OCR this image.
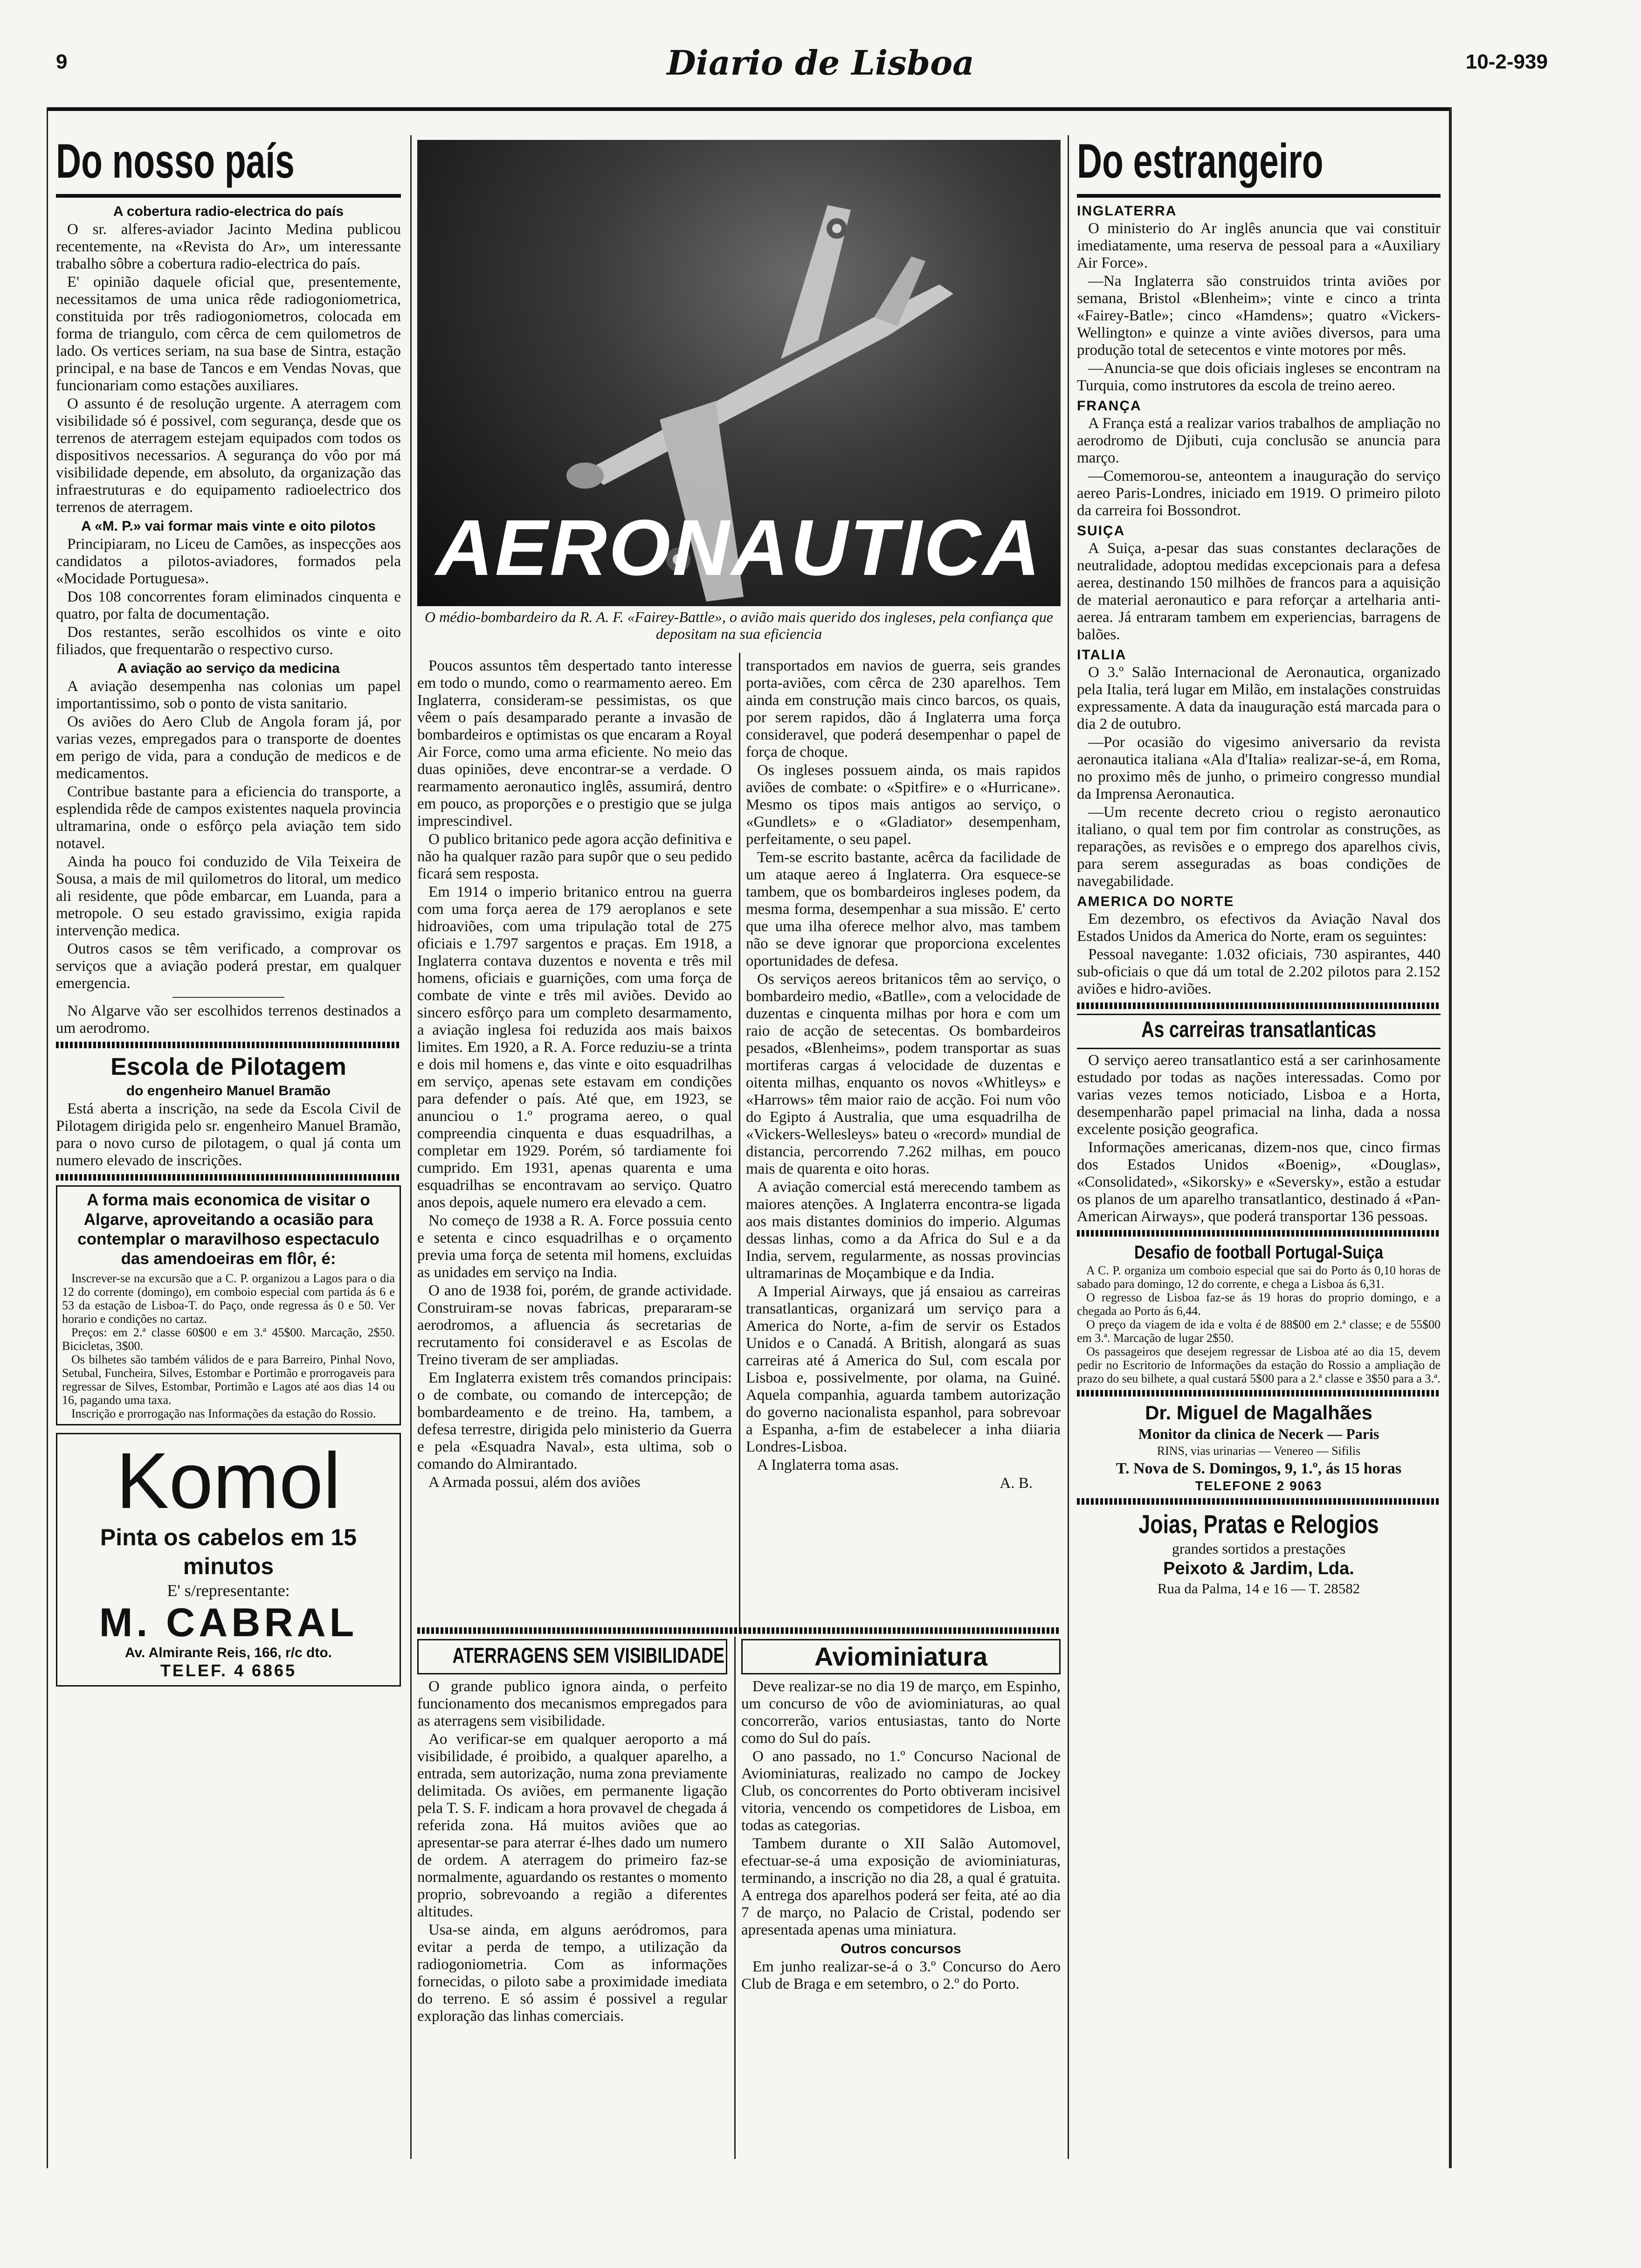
9	Diario de Lisboa	10-2-939
Do nosso país
A cobertura radio-electrica do país

O sr. alferes-aviador Jacinto Medina publicou recentemente, na «Revista do Ar», um interessante trabalho sôbre a cobertura radio-electrica do país.

E' opinião daquele oficial que, presentemente, necessitamos de uma unica rêde radiogoniometrica, constituida por três radiogoniometros, colocada em forma de triangulo, com cêrca de cem quilometros de lado. Os vertices seriam, na sua base de Sintra, estação principal, e na base de Tancos e em Vendas Novas, que funcionariam como estações auxiliares.

O assunto é de resolução urgente. A aterragem com visibilidade só é possivel, com segurança, desde que os terrenos de aterragem estejam equipados com todos os dispositivos necessarios. A segurança do vôo por má visibilidade depende, em absoluto, da organização das infraestruturas e do equipamento radioelectrico dos terrenos de aterragem.

A «M. P.» vai formar mais vinte e oito pilotos

Principiaram, no Liceu de Camões, as inspecções aos candidatos a pilotos-aviadores, formados pela «Mocidade Portuguesa».

Dos 108 concorrentes foram eliminados cinquenta e quatro, por falta de documentação.

Dos restantes, serão escolhidos os vinte e oito filiados, que frequentarão o respectivo curso.

A aviação ao serviço da medicina

A aviação desempenha nas colonias um papel importantissimo, sob o ponto de vista sanitario.

Os aviões do Aero Club de Angola foram já, por varias vezes, empregados para o transporte de doentes em perigo de vida, para a condução de medicos e de medicamentos.

Contribue bastante para a eficiencia do transporte, a esplendida rêde de campos existentes naquela provincia ultramarina, onde o esfôrço pela aviação tem sido notavel.

Ainda ha pouco foi conduzido de Vila Teixeira de Sousa, a mais de mil quilometros do litoral, um medico ali residente, que pôde embarcar, em Luanda, para a metropole. O seu estado gravissimo, exigia rapida intervenção medica.

Outros casos se têm verificado, a comprovar os serviços que a aviação poderá prestar, em qualquer emergencia.

No Algarve vão ser escolhidos terrenos destinados a um aerodromo.

Escola de Pilotagem
do engenheiro Manuel Bramão

Está aberta a inscrição, na sede da Escola Civil de Pilotagem dirigida pelo sr. engenheiro Manuel Bramão, para o novo curso de pilotagem, o qual já conta um numero elevado de inscrições.

A forma mais economica de visitar o Algarve, aproveitando a ocasião para contemplar o maravilhoso espectaculo das amendoeiras em flôr, é:

Inscrever-se na excursão que a C. P. organizou a Lagos para o dia 12 do corrente (domingo), em comboio especial com partida ás 6 e 53 da estação de Lisboa-T. do Paço, onde regressa ás 0 e 50. Ver horario e condições no cartaz.

Preços: em 2.ª classe 60$00 e em 3.ª 45$00. Marcação, 2$50. Bicicletas, 3$00.

Os bilhetes são também válidos de e para Barreiro, Pinhal Novo, Setubal, Funcheira, Silves, Estombar e Portimão e prorrogaveis para regressar de Silves, Estombar, Portimão e Lagos até aos dias 14 ou 16, pagando uma taxa.

Inscrição e prorrogação nas Informações da estação do Rossio.

Komol
Pinta os cabelos em 15 minutos
E' s/representante:
M. CABRAL
Av. Almirante Reis, 166, r/c dto.
TELEF. 4 6865
AERONAUTICA
O médio-bombardeiro da R. A. F. «Fairey-Battle», o avião mais querido dos ingleses, pela confiança que depositam na sua eficiencia

Poucos assuntos têm despertado tanto interesse em todo o mundo, como o rearmamento aereo. Em Inglaterra, consideram-se pessimistas, os que vêem o país desamparado perante a invasão de bombardeiros e optimistas os que encaram a Royal Air Force, como uma arma eficiente. No meio das duas opiniões, deve encontrar-se a verdade. O rearmamento aeronautico inglês, assumirá, dentro em pouco, as proporções e o prestigio que se julga imprescindivel.

O publico britanico pede agora acção definitiva e não ha qualquer razão para supôr que o seu pedido ficará sem resposta.

Em 1914 o imperio britanico entrou na guerra com uma força aerea de 179 aeroplanos e sete hidroaviões, com uma tripulação total de 275 oficiais e 1.797 sargentos e praças. Em 1918, a Inglaterra contava duzentos e noventa e três mil homens, oficiais e guarnições, com uma força de combate de vinte e três mil aviões. Devido ao sincero esfôrço para um completo desarmamento, a aviação inglesa foi reduzida aos mais baixos limites. Em 1920, a R. A. Force reduziu-se a trinta e dois mil homens e, das vinte e oito esquadrilhas em serviço, apenas sete estavam em condições para defender o país. Até que, em 1923, se anunciou o 1.º programa aereo, o qual compreendia cinquenta e duas esquadrilhas, a completar em 1929. Porém, só tardiamente foi cumprido. Em 1931, apenas quarenta e uma esquadrilhas se encontravam ao serviço. Quatro anos depois, aquele numero era elevado a cem.

No começo de 1938 a R. A. Force possuia cento e setenta e cinco esquadrilhas e o orçamento previa uma força de setenta mil homens, excluidas as unidades em serviço na India.

O ano de 1938 foi, porém, de grande actividade. Construiram-se novas fabricas, prepararam-se aerodromos, a afluencia ás secretarias de recrutamento foi consideravel e as Escolas de Treino tiveram de ser ampliadas.

Em Inglaterra existem três comandos principais: o de combate, ou comando de intercepção; de bombardeamento e de treino. Ha, tambem, a defesa terrestre, dirigida pelo ministerio da Guerra e pela «Esquadra Naval», esta ultima, sob o comando do Almirantado.

A Armada possui, além dos aviões

transportados em navios de guerra, seis grandes porta-aviões, com cêrca de 230 aparelhos. Tem ainda em construção mais cinco barcos, os quais, por serem rapidos, dão á Inglaterra uma força consideravel, que poderá desempenhar o papel de força de choque.

Os ingleses possuem ainda, os mais rapidos aviões de combate: o «Spitfire» e o «Hurricane». Mesmo os tipos mais antigos ao serviço, o «Gundlets» e o «Gladiator» desempenham, perfeitamente, o seu papel.

Tem-se escrito bastante, acêrca da facilidade de um ataque aereo á Inglaterra. Ora esquece-se tambem, que os bombardeiros ingleses podem, da mesma forma, desempenhar a sua missão. E' certo que uma ilha oferece melhor alvo, mas tambem não se deve ignorar que proporciona excelentes oportunidades de defesa.

Os serviços aereos britanicos têm ao serviço, o bombardeiro medio, «Batlle», com a velocidade de duzentas e cinquenta milhas por hora e com um raio de acção de setecentas. Os bombardeiros pesados, «Blenheims», podem transportar as suas mortiferas cargas á velocidade de duzentas e oitenta milhas, enquanto os novos «Whitleys» e «Harrows» têm maior raio de acção. Foi num vôo do Egipto á Australia, que uma esquadrilha de «Vickers-Wellesleys» bateu o «record» mundial de distancia, percorrendo 7.262 milhas, em pouco mais de quarenta e oito horas.

A aviação comercial está merecendo tambem as maiores atenções. A Inglaterra encontra-se ligada aos mais distantes dominios do imperio. Algumas dessas linhas, como a da Africa do Sul e a da India, servem, regularmente, as nossas provincias ultramarinas de Moçambique e da India.

A Imperial Airways, que já ensaiou as carreiras transatlanticas, organizará um serviço para a America do Norte, a-fim de servir os Estados Unidos e o Canadá. A British, alongará as suas carreiras até á America do Sul, com escala por Lisboa e, possivelmente, por olama, na Guiné. Aquela companhia, aguarda tambem autorização do governo nacionalista espanhol, para sobrevoar a Espanha, a-fim de estabelecer a inha diiaria Londres-Lisboa.

A Inglaterra toma asas.

A. B.
ATERRAGENS SEM VISIBILIDADE

O grande publico ignora ainda, o perfeito funcionamento dos mecanismos empregados para as aterragens sem visibilidade.

Ao verificar-se em qualquer aeroporto a má visibilidade, é proibido, a qualquer aparelho, a entrada, sem autorização, numa zona previamente delimitada. Os aviões, em permanente ligação pela T. S. F. indicam a hora provavel de chegada á referida zona. Há muitos aviões que ao apresentar-se para aterrar é-lhes dado um numero de ordem. A aterragem do primeiro faz-se normalmente, aguardando os restantes o momento proprio, sobrevoando a região a diferentes altitudes.

Usa-se ainda, em alguns aeródromos, para evitar a perda de tempo, a utilização da radiogoniometria. Com as informações fornecidas, o piloto sabe a proximidade imediata do terreno. E só assim é possivel a regular exploração das linhas comerciais.

Aviominiatura

Deve realizar-se no dia 19 de março, em Espinho, um concurso de vôo de aviominiaturas, ao qual concorrerão, varios entusiastas, tanto do Norte como do Sul do país.

O ano passado, no 1.º Concurso Nacional de Aviominiaturas, realizado no campo de Jockey Club, os concorrentes do Porto obtiveram incisivel vitoria, vencendo os competidores de Lisboa, em todas as categorias.

Tambem durante o XII Salão Automovel, efectuar-se-á uma exposição de aviominiaturas, terminando, a inscrição no dia 28, a qual é gratuita. A entrega dos aparelhos poderá ser feita, até ao dia 7 de março, no Palacio de Cristal, podendo ser apresentada apenas uma miniatura.

Outros concursos

Em junho realizar-se-á o 3.º Concurso do Aero Club de Braga e em setembro, o 2.º do Porto.

Do estrangeiro
INGLATERRA

O ministerio do Ar inglês anuncia que vai constituir imediatamente, uma reserva de pessoal para a «Auxiliary Air Force».

—Na Inglaterra são construidos trinta aviões por semana, Bristol «Blenheim»; vinte e cinco a trinta «Fairey-Batle»; cinco «Hamdens»; quatro «Vickers-Wellington» e quinze a vinte aviões diversos, para uma produção total de setecentos e vinte motores por mês.

—Anuncia-se que dois oficiais ingleses se encontram na Turquia, como instrutores da escola de treino aereo.

FRANÇA

A França está a realizar varios trabalhos de ampliação no aerodromo de Djibuti, cuja conclusão se anuncia para março.

—Comemorou-se, anteontem a inauguração do serviço aereo Paris-Londres, iniciado em 1919. O primeiro piloto da carreira foi Bossondrot.

SUIÇA

A Suiça, a-pesar das suas constantes declarações de neutralidade, adoptou medidas excepcionais para a defesa aerea, destinando 150 milhões de francos para a aquisição de material aeronautico e para reforçar a artelharia anti-aerea. Já entraram tambem em experiencias, barragens de balões.

ITALIA

O 3.º Salão Internacional de Aeronautica, organizado pela Italia, terá lugar em Milão, em instalações construidas expressamente. A data da inauguração está marcada para o dia 2 de outubro.

—Por ocasião do vigesimo aniversario da revista aeronautica italiana «Ala d'Italia» realizar-se-á, em Roma, no proximo mês de junho, o primeiro congresso mundial da Imprensa Aeronautica.

—Um recente decreto criou o registo aeronautico italiano, o qual tem por fim controlar as construções, as reparações, as revisões e o emprego dos aparelhos civis, para serem asseguradas as boas condições de navegabilidade.

AMERICA DO NORTE

Em dezembro, os efectivos da Aviação Naval dos Estados Unidos da America do Norte, eram os seguintes:

Pessoal navegante: 1.032 oficiais, 730 aspirantes, 440 sub-oficiais o que dá um total de 2.202 pilotos para 2.152 aviões e hidro-aviões.

As carreiras transatlanticas

O serviço aereo transatlantico está a ser carinhosamente estudado por todas as nações interessadas. Como por varias vezes temos noticiado, Lisboa e a Horta, desempenharão papel primacial na linha, dada a nossa excelente posição geografica.

Informações americanas, dizem-nos que, cinco firmas dos Estados Unidos «Boenig», «Douglas», «Consolidated», «Sikorsky» e «Seversky», estão a estudar os planos de um aparelho transatlantico, destinado á «Pan-American Airways», que poderá transportar 136 pessoas.

Desafio de football Portugal-Suiça

A C. P. organiza um comboio especial que sai do Porto ás 0,10 horas de sabado para domingo, 12 do corrente, e chega a Lisboa ás 6,31.

O regresso de Lisboa faz-se ás 19 horas do proprio domingo, e a chegada ao Porto ás 6,44.

O preço da viagem de ida e volta é de 88$00 em 2.ª classe; e de 55$00 em 3.ª. Marcação de lugar 2$50.

Os passageiros que desejem regressar de Lisboa até ao dia 15, devem pedir no Escritorio de Informações da estação do Rossio a ampliação de prazo do seu bilhete, a qual custará 5$00 para a 2.ª classe e 3$50 para a 3.ª.

Dr. Miguel de Magalhães
Monitor da clinica de Necerk — Paris
RINS, vias urinarias — Venereo — Sifilis
T. Nova de S. Domingos, 9, 1.º, ás 15 horas
TELEFONE 2 9063
Joias, Pratas e Relogios
grandes sortidos a prestações
Peixoto & Jardim, Lda.
Rua da Palma, 14 e 16 — T. 28582
